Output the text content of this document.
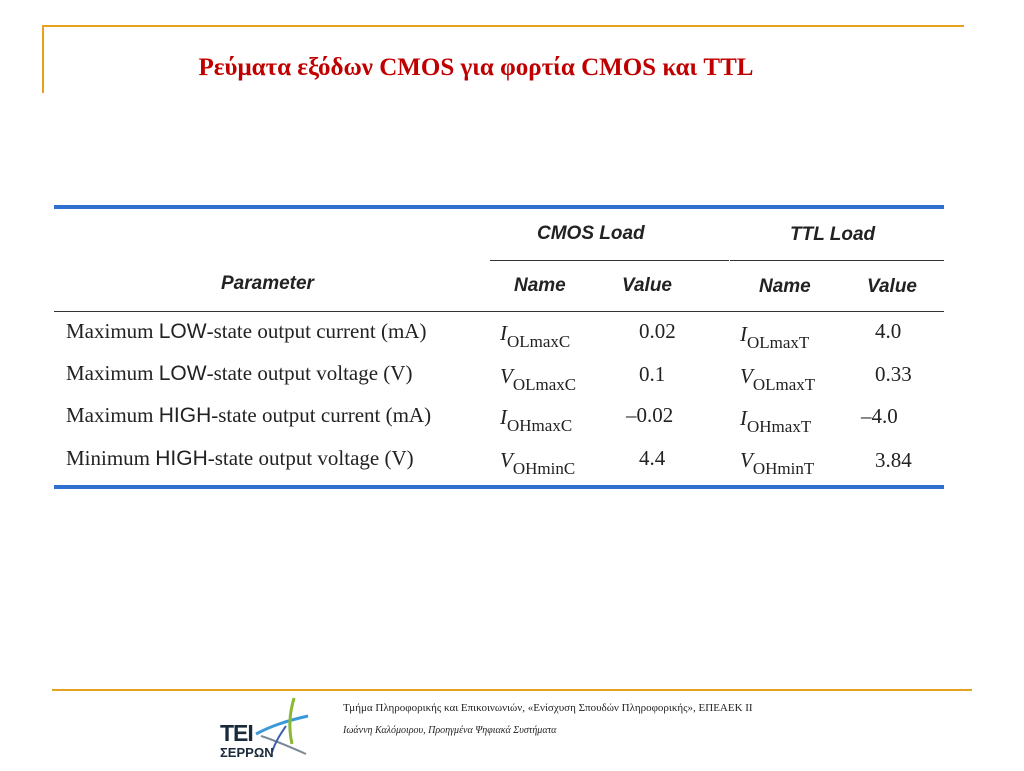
Ρεύματα εξόδων CMOS για φορτία CMOS και TTL
CMOS Load	TTL Load
Parameter	Name	Value	Name	Value
Maximum LOW-state output current (mA)	$I_{OLmaxC}$	0.02	$I_{OLmaxT}$	4.0
Maximum LOW-state output voltage (V)	$V_{OLmaxC}$	0.1	$V_{OLmaxT}$	0.33
Maximum HIGH-state output current (mA)	$I_{OHmaxC}$	–0.02	$I_{OHmaxT}$ –4.0
Minimum HIGH-state output voltage (V)	$V_{OHminC}$	4.4	$V_{OHminT}$	3.84
ΤΕΙ
ΣΕΡΡΩΝ
Τμήμα Πληροφορικής και Επικοινωνιών, «Ενίσχυση Σπουδών Πληροφορικής», ΕΠΕΑΕΚ ΙΙ
Ιωάννη Καλόμοιρου, Προηγμένα Ψηφιακά Συστήματα
